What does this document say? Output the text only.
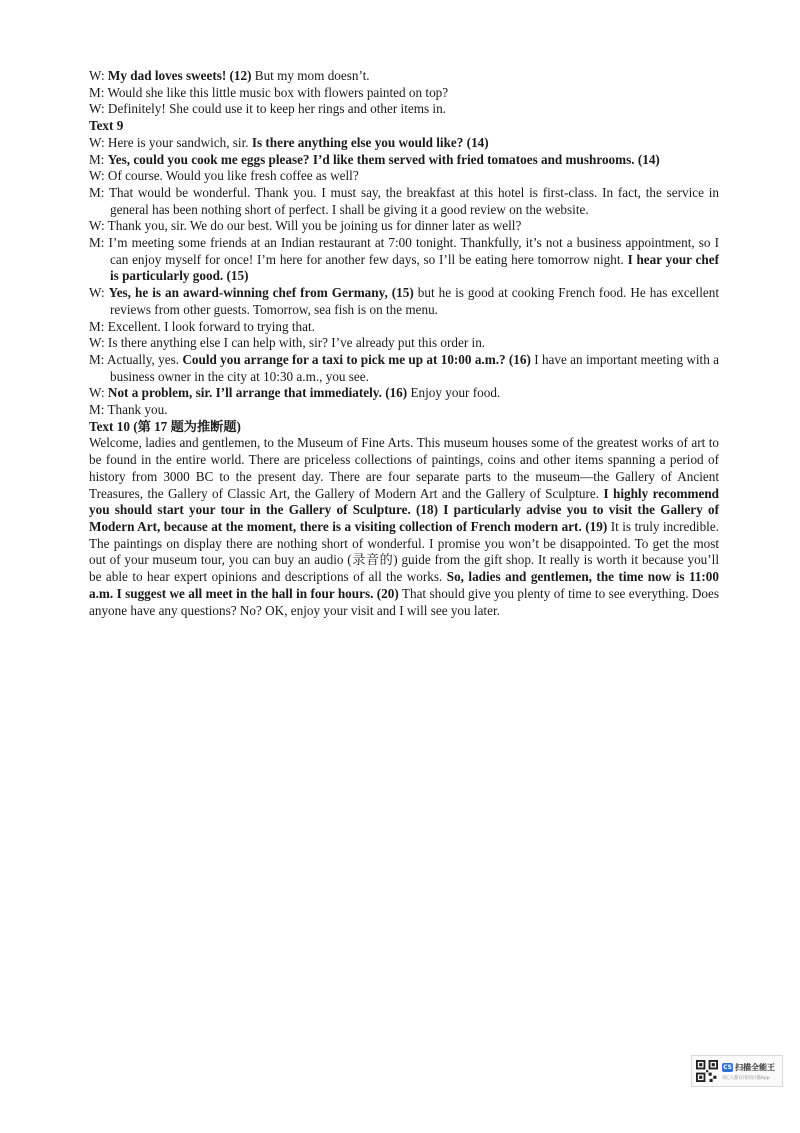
W: My dad loves sweets! (12) But my mom doesn’t.
M: Would she like this little music box with flowers painted on top?
W: Definitely! She could use it to keep her rings and other items in.
Text 9
W: Here is your sandwich, sir. Is there anything else you would like? (14)
M: Yes, could you cook me eggs please? I’d like them served with fried tomatoes and mushrooms. (14)
W: Of course. Would you like fresh coffee as well?
M: That would be wonderful. Thank you. I must say, the breakfast at this hotel is first-class. In fact, the service in general has been nothing short of perfect. I shall be giving it a good review on the website.
W: Thank you, sir. We do our best. Will you be joining us for dinner later as well?
M: I’m meeting some friends at an Indian restaurant at 7:00 tonight. Thankfully, it’s not a business appointment, so I can enjoy myself for once! I’m here for another few days, so I’ll be eating here tomorrow night. I hear your chef is particularly good. (15)
W: Yes, he is an award-winning chef from Germany, (15) but he is good at cooking French food. He has excellent reviews from other guests. Tomorrow, sea fish is on the menu.
M: Excellent. I look forward to trying that.
W: Is there anything else I can help with, sir? I’ve already put this order in.
M: Actually, yes. Could you arrange for a taxi to pick me up at 10:00 a.m.? (16) I have an important meeting with a business owner in the city at 10:30 a.m., you see.
W: Not a problem, sir. I’ll arrange that immediately. (16) Enjoy your food.
M: Thank you.
Text 10 (第 17 题为推断题)
Welcome, ladies and gentlemen, to the Museum of Fine Arts. This museum houses some of the greatest works of art to be found in the entire world. There are priceless collections of paintings, coins and other items spanning a period of history from 3000 BC to the present day. There are four separate parts to the museum—the Gallery of Ancient Treasures, the Gallery of Classic Art, the Gallery of Modern Art and the Gallery of Sculpture. I highly recommend you should start your tour in the Gallery of Sculpture. (18) I particularly advise you to visit the Gallery of Modern Art, because at the moment, there is a visiting collection of French modern art. (19) It is truly incredible. The paintings on display there are nothing short of wonderful. I promise you won’t be disappointed. To get the most out of your museum tour, you can buy an audio (录音的) guide from the gift shop. It really is worth it because you’ll be able to hear expert opinions and descriptions of all the works. So, ladies and gentlemen, the time now is 11:00 a.m. I suggest we all meet in the hall in four hours. (20) That should give you plenty of time to see everything. Does anyone have any questions? No? OK, enjoy your visit and I will see you later.
CS 扫描全能王
3亿人都在用的扫描App
